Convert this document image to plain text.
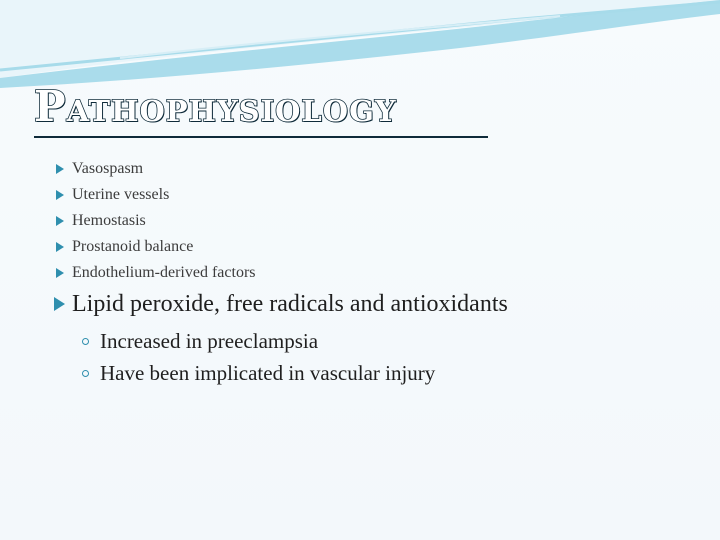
Pathophysiology
Vasospasm
Uterine vessels
Hemostasis
Prostanoid balance
Endothelium-derived factors
Lipid peroxide, free radicals and antioxidants
Increased in preeclampsia
Have been implicated in vascular injury
